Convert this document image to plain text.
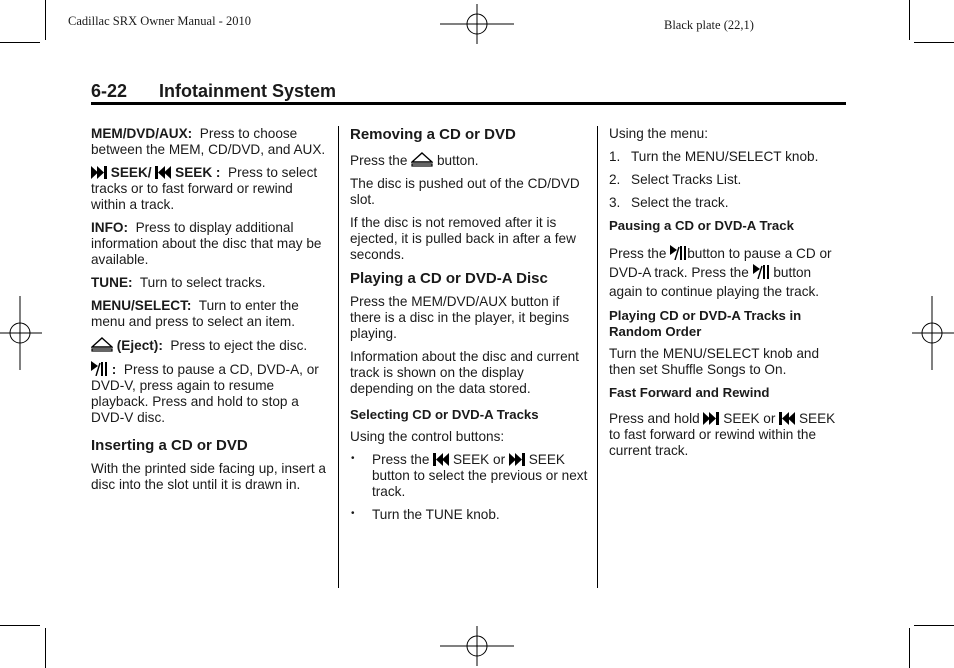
Cadillac SRX Owner Manual - 2010	Black plate (22,1)
6-22 Infotainment System

MEM/DVD/AUX: Press to choose between the MEM, CD/DVD, and AUX.

SEEK/ SEEK : Press to select tracks or to fast forward or rewind within a track.

INFO: Press to display additional information about the disc that may be available.

TUNE: Turn to select tracks.

MENU/SELECT: Turn to enter the menu and press to select an item.

(Eject): Press to eject the disc.

: Press to pause a CD, DVD-A, or DVD-V, press again to resume playback. Press and hold to stop a DVD-V disc.

Inserting a CD or DVD

With the printed side facing up, insert a disc into the slot until it is drawn in.

Removing a CD or DVD

Press the button.

The disc is pushed out of the CD/DVD slot.

If the disc is not removed after it is ejected, it is pulled back in after a few seconds.

Playing a CD or DVD-A Disc

Press the MEM/DVD/AUX button if there is a disc in the player, it begins playing.

Information about the disc and current track is shown on the display depending on the data stored.

Selecting CD or DVD-A Tracks

Using the control buttons:

• Press the SEEK or SEEK button to select the previous or next track.
• Turn the TUNE knob.

Using the menu:

1. Turn the MENU/SELECT knob.
2. Select Tracks List.
3. Select the track.
Pausing a CD or DVD-A Track

Press the button to pause a CD or DVD-A track. Press the button again to continue playing the track.

Playing CD or DVD-A Tracks in Random Order

Turn the MENU/SELECT knob and then set Shuffle Songs to On.

Fast Forward and Rewind

Press and hold SEEK or SEEK to fast forward or rewind within the current track.
